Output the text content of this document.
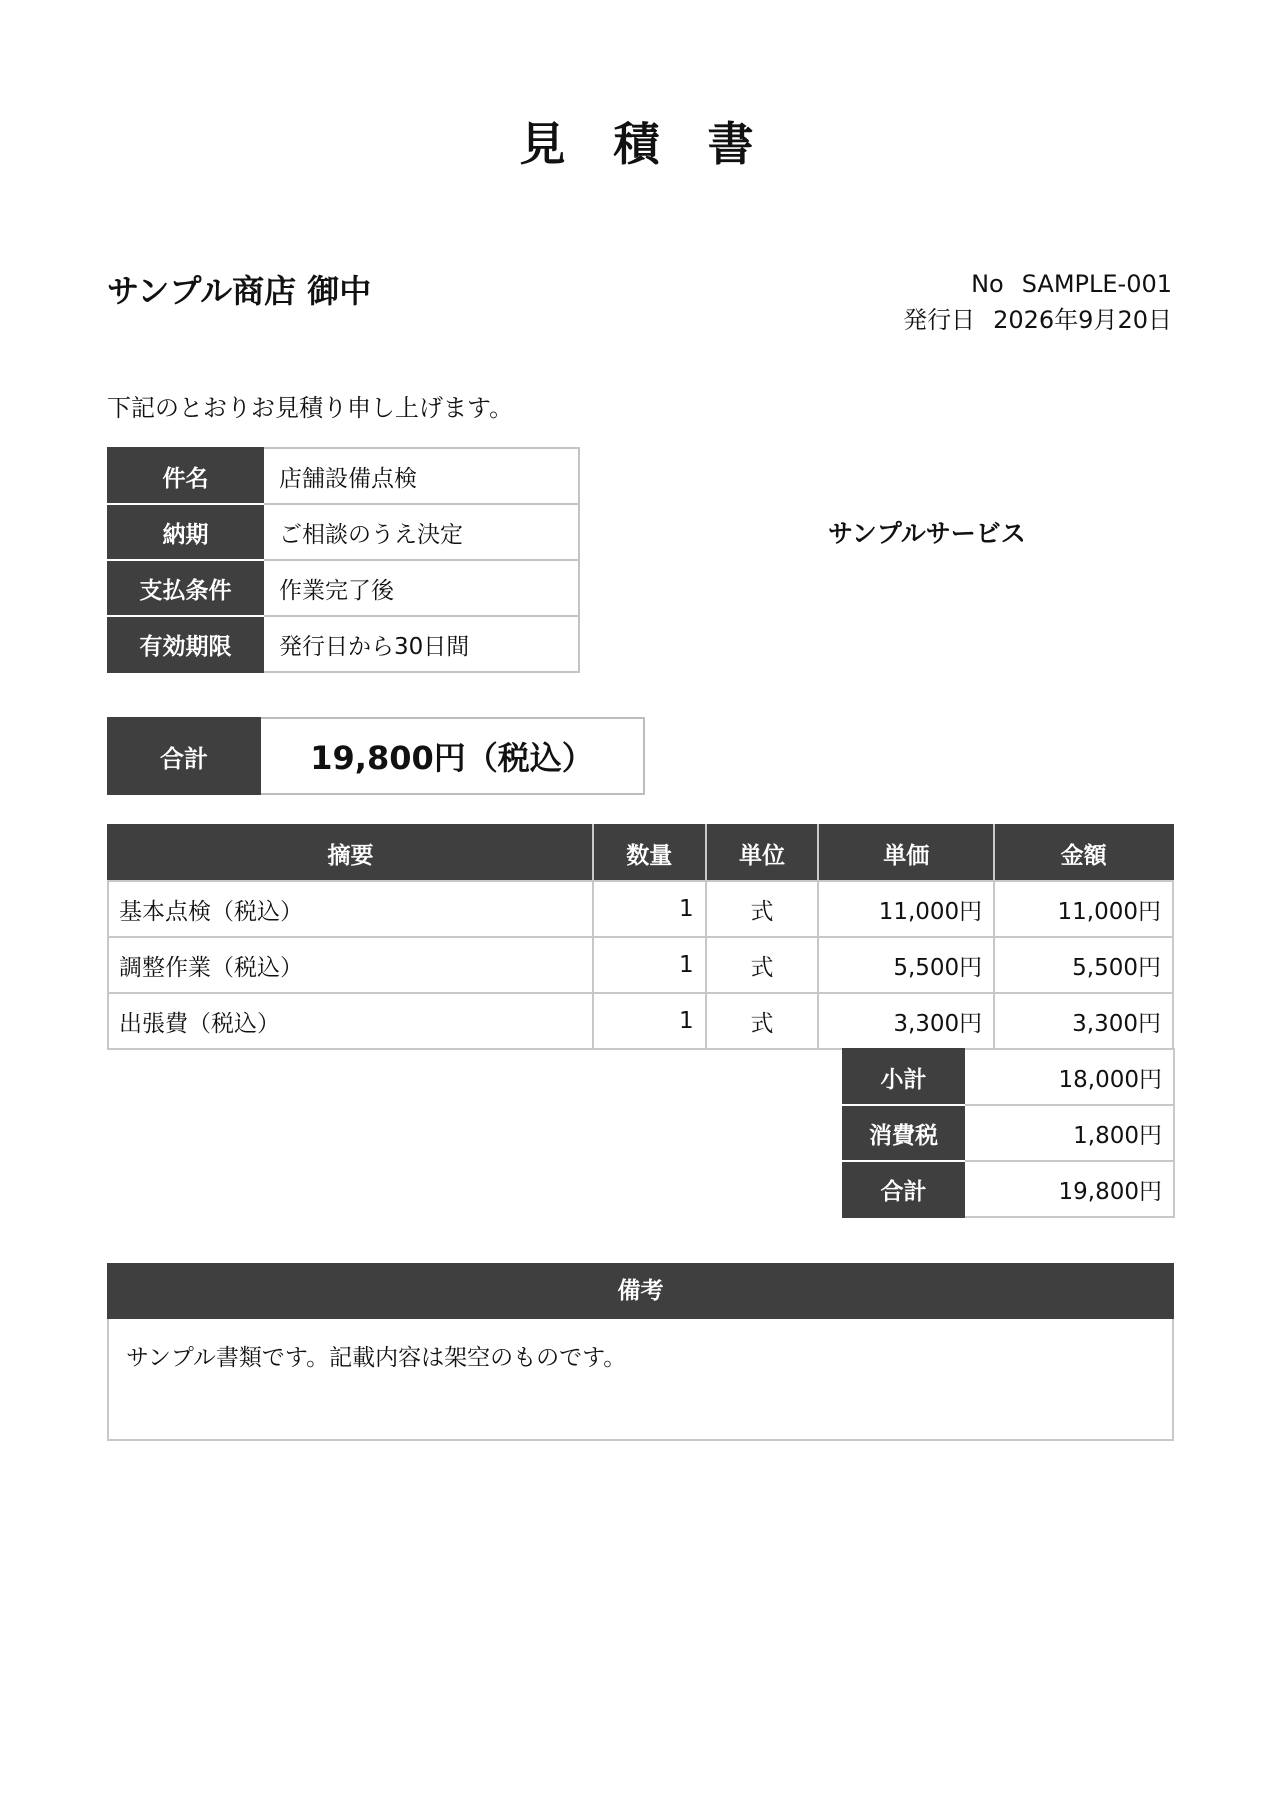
見 積 書
サンプル商店 御中	No SAMPLE-001
発行日 2026年9月20日
下記のとおりお見積り申し上げます。
件名	店舗設備点検
納期	ご相談のうえ決定
支払条件	作業完了後
有効期限	発行日から30日間
サンプルサービス
合計	19,800円（税込）
摘要	数量	単位	単価	金額
基本点検（税込）	1	式	11,000円	11,000円
調整作業（税込）	1	式	5,500円	5,500円
出張費（税込）	1	式	3,300円	3,300円
小計	18,000円
消費税	1,800円
合計	19,800円
備考
サンプル書類です。記載内容は架空のものです。
